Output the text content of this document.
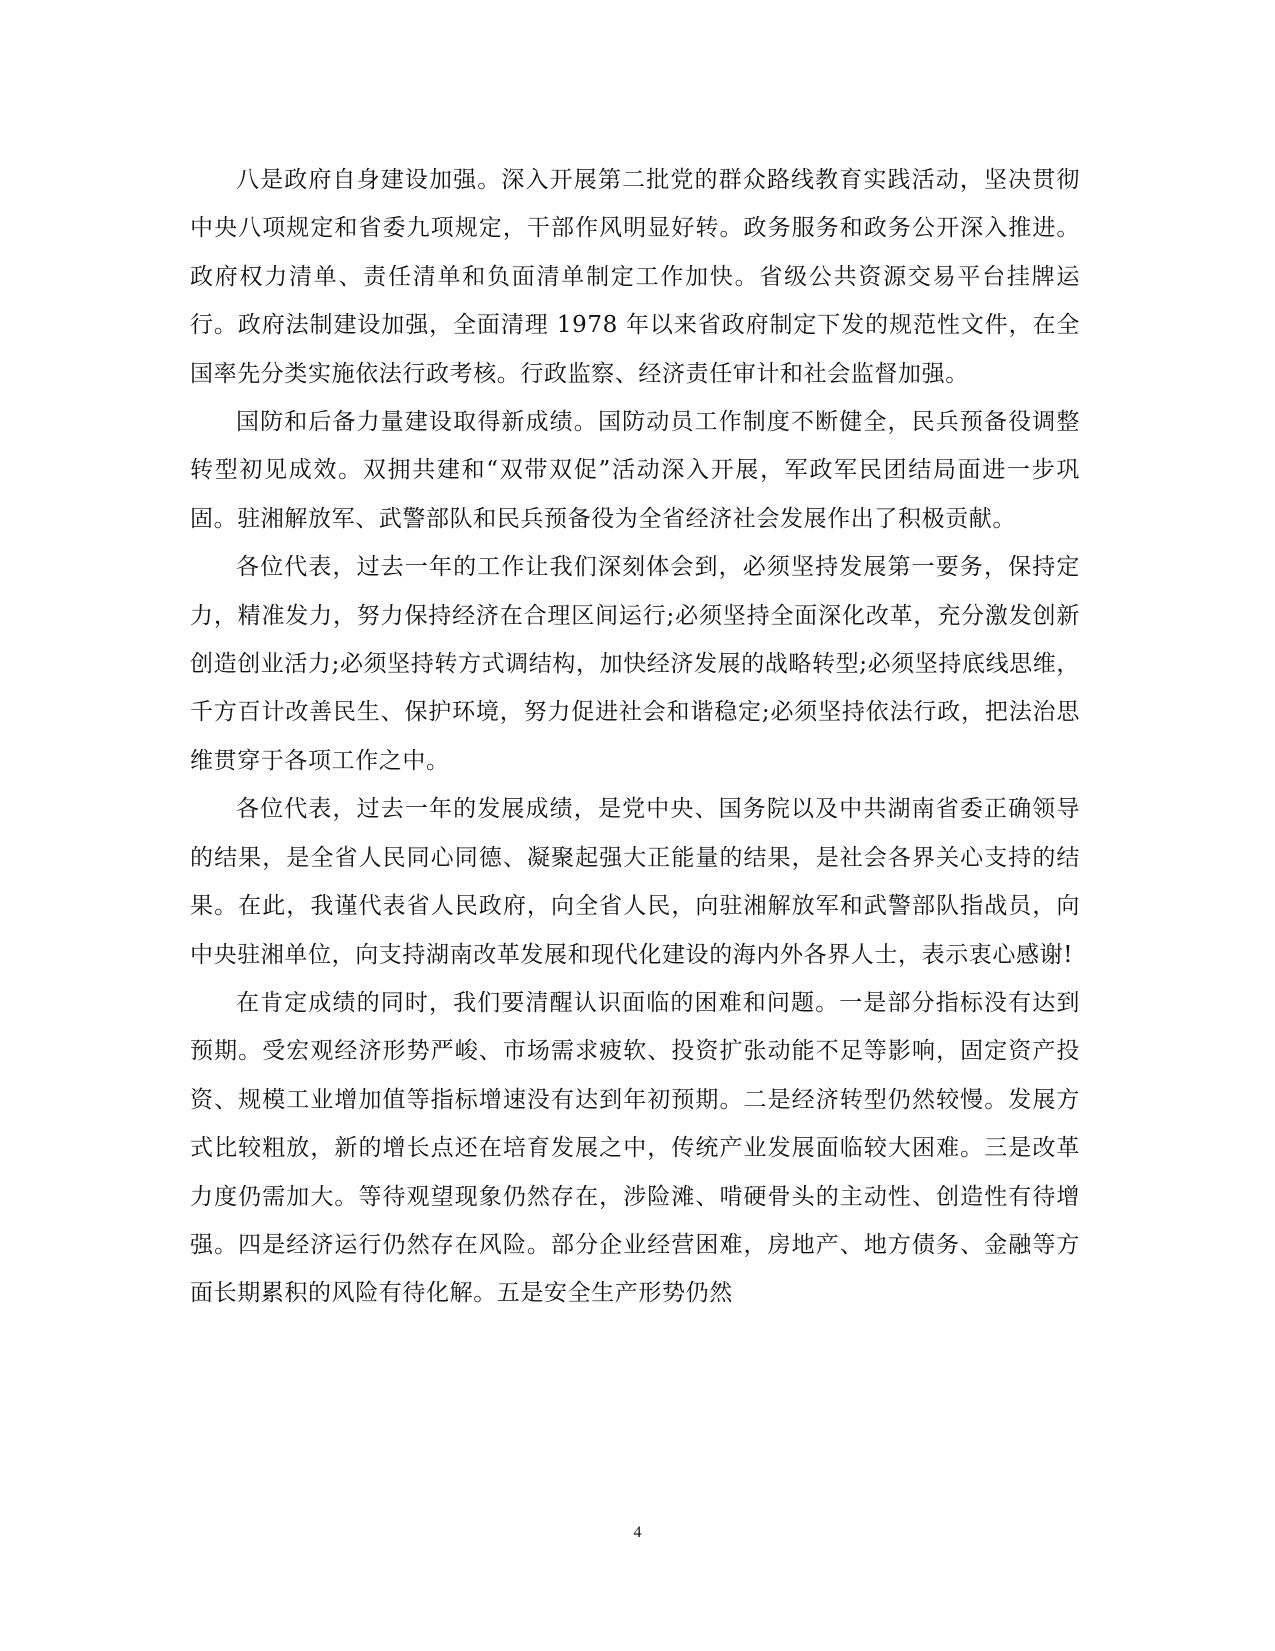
八是政府自身建设加强。深入开展第二批党的群众路线教育实践活动，坚决贯彻中央八项规定和省委九项规定，干部作风明显好转。政务服务和政务公开深入推进。政府权力清单、责任清单和负面清单制定工作加快。省级公共资源交易平台挂牌运行。政府法制建设加强，全面清理 1978 年以来省政府制定下发的规范性文件，在全国率先分类实施依法行政考核。行政监察、经济责任审计和社会监督加强。

国防和后备力量建设取得新成绩。国防动员工作制度不断健全，民兵预备役调整转型初见成效。双拥共建和“双带双促”活动深入开展，军政军民团结局面进一步巩固。驻湘解放军、武警部队和民兵预备役为全省经济社会发展作出了积极贡献。

各位代表，过去一年的工作让我们深刻体会到，必须坚持发展第一要务，保持定力，精准发力，努力保持经济在合理区间运行;必须坚持全面深化改革，充分激发创新创造创业活力;必须坚持转方式调结构，加快经济发展的战略转型;必须坚持底线思维，千方百计改善民生、保护环境，努力促进社会和谐稳定;必须坚持依法行政，把法治思维贯穿于各项工作之中。

各位代表，过去一年的发展成绩，是党中央、国务院以及中共湖南省委正确领导的结果，是全省人民同心同德、凝聚起强大正能量的结果，是社会各界关心支持的结果。在此，我谨代表省人民政府，向全省人民，向驻湘解放军和武警部队指战员，向中央驻湘单位，向支持湖南改革发展和现代化建设的海内外各界人士，表示衷心感谢!

在肯定成绩的同时，我们要清醒认识面临的困难和问题。一是部分指标没有达到预期。受宏观经济形势严峻、市场需求疲软、投资扩张动能不足等影响，固定资产投资、规模工业增加值等指标增速没有达到年初预期。二是经济转型仍然较慢。发展方式比较粗放，新的增长点还在培育发展之中，传统产业发展面临较大困难。三是改革力度仍需加大。等待观望现象仍然存在，涉险滩、啃硬骨头的主动性、创造性有待增强。四是经济运行仍然存在风险。部分企业经营困难，房地产、地方债务、金融等方面长期累积的风险有待化解。五是安全生产形势仍然

4
